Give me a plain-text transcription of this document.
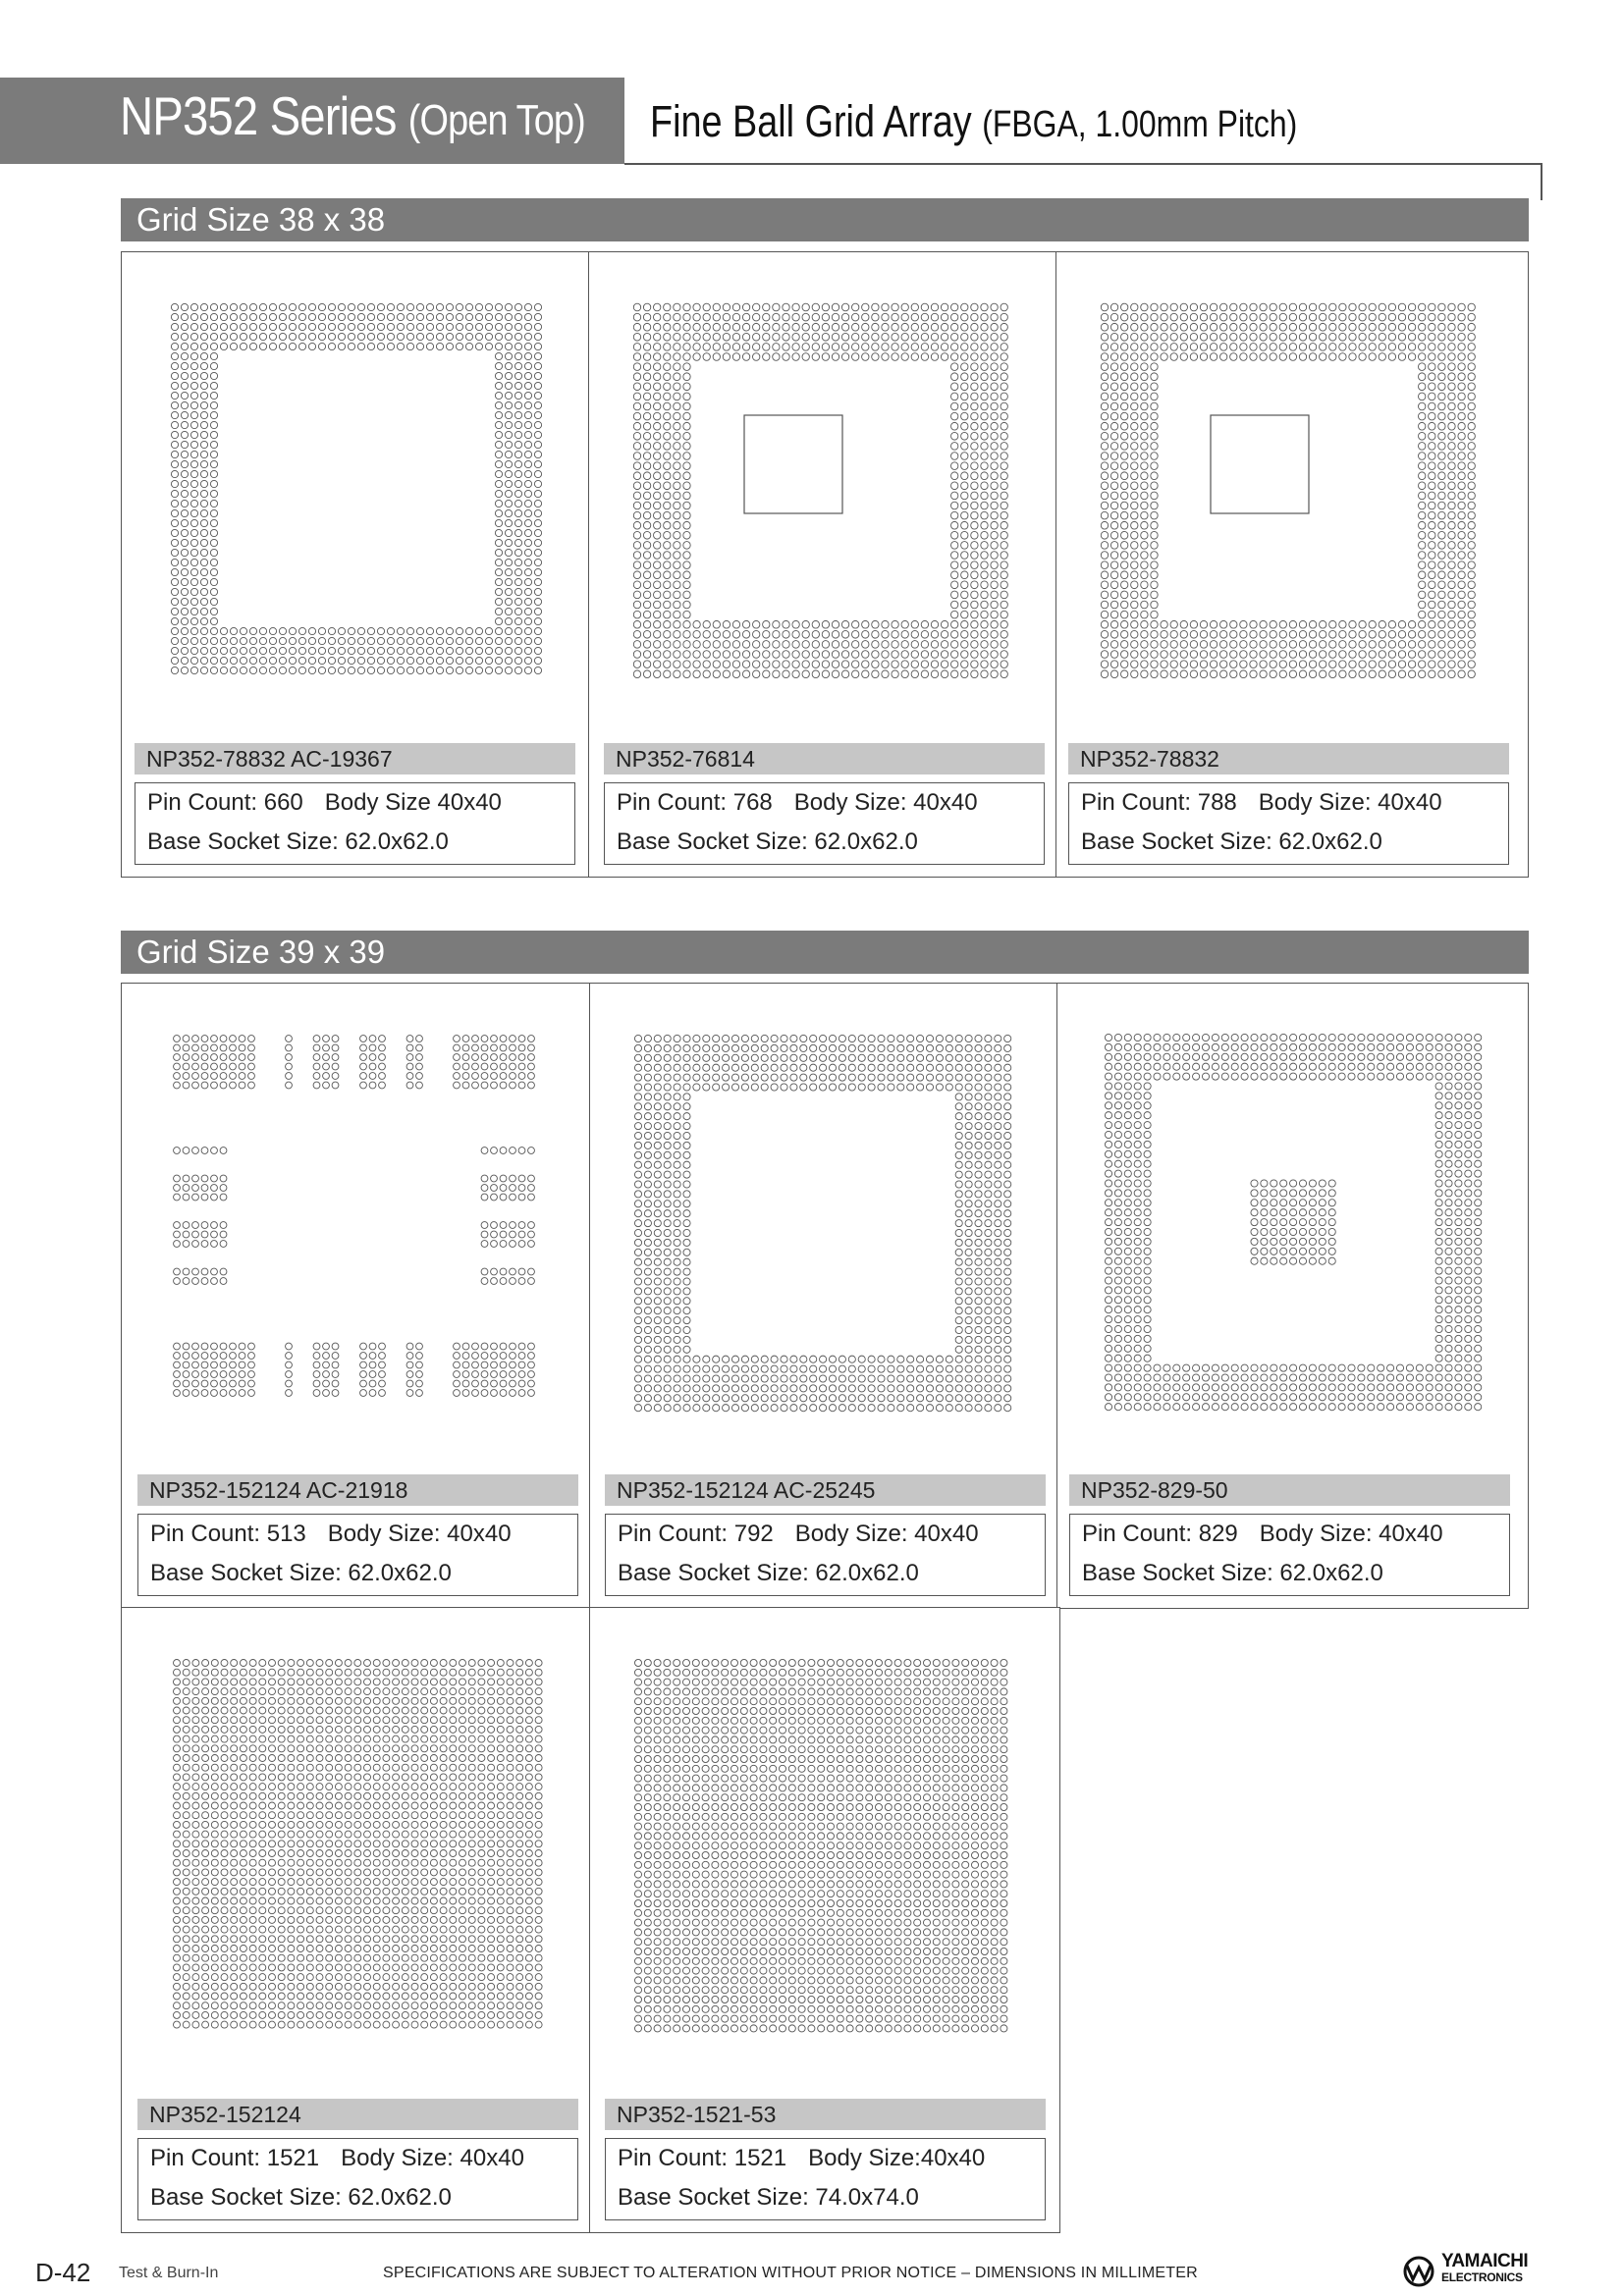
NP352 Series (Open Top) Fine Ball Grid Array (FBGA, 1.00mm Pitch)
Grid Size 38 x 38
NP352-78832 AC-19367
Pin Count: 660 Body Size 40x40
Base Socket Size: 62.0x62.0
NP352-76814
Pin Count: 768 Body Size: 40x40
Base Socket Size: 62.0x62.0
NP352-78832
Pin Count: 788 Body Size: 40x40
Base Socket Size: 62.0x62.0
Grid Size 39 x 39
NP352-152124 AC-21918
Pin Count: 513 Body Size: 40x40
Base Socket Size: 62.0x62.0
NP352-152124 AC-25245
Pin Count: 792 Body Size: 40x40
Base Socket Size: 62.0x62.0
NP352-829-50
Pin Count: 829 Body Size: 40x40
Base Socket Size: 62.0x62.0
NP352-152124
Pin Count: 1521 Body Size: 40x40
Base Socket Size: 62.0x62.0
NP352-1521-53
Pin Count: 1521 Body Size:40x40
Base Socket Size: 74.0x74.0
D-42 Test & Burn-In	SPECIFICATIONS ARE SUBJECT TO ALTERATION WITHOUT PRIOR NOTICE – DIMENSIONS IN MILLIMETER
YAMAICHI
ELECTRONICS
